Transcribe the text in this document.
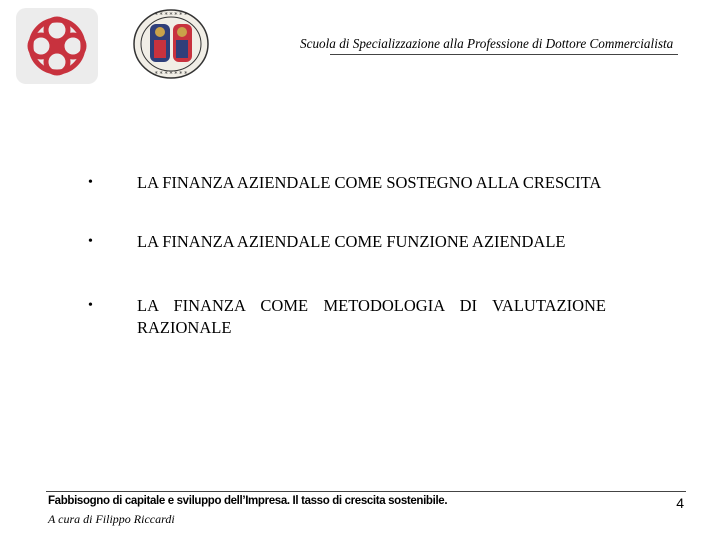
* * * * * * *
* * * * * * *
Scuola di Specializzazione alla Professione di Dottore Commercialista
•	LA FINANZA AZIENDALE COME SOSTEGNO ALLA CRESCITA
•	LA FINANZA AZIENDALE COME FUNZIONE AZIENDALE
•	LA FINANZA COME METODOLOGIA DI VALUTAZIONE RAZIONALE
Fabbisogno di capitale e sviluppo dell’Impresa. Il tasso di crescita sostenibile.
A cura di Filippo Riccardi
4
